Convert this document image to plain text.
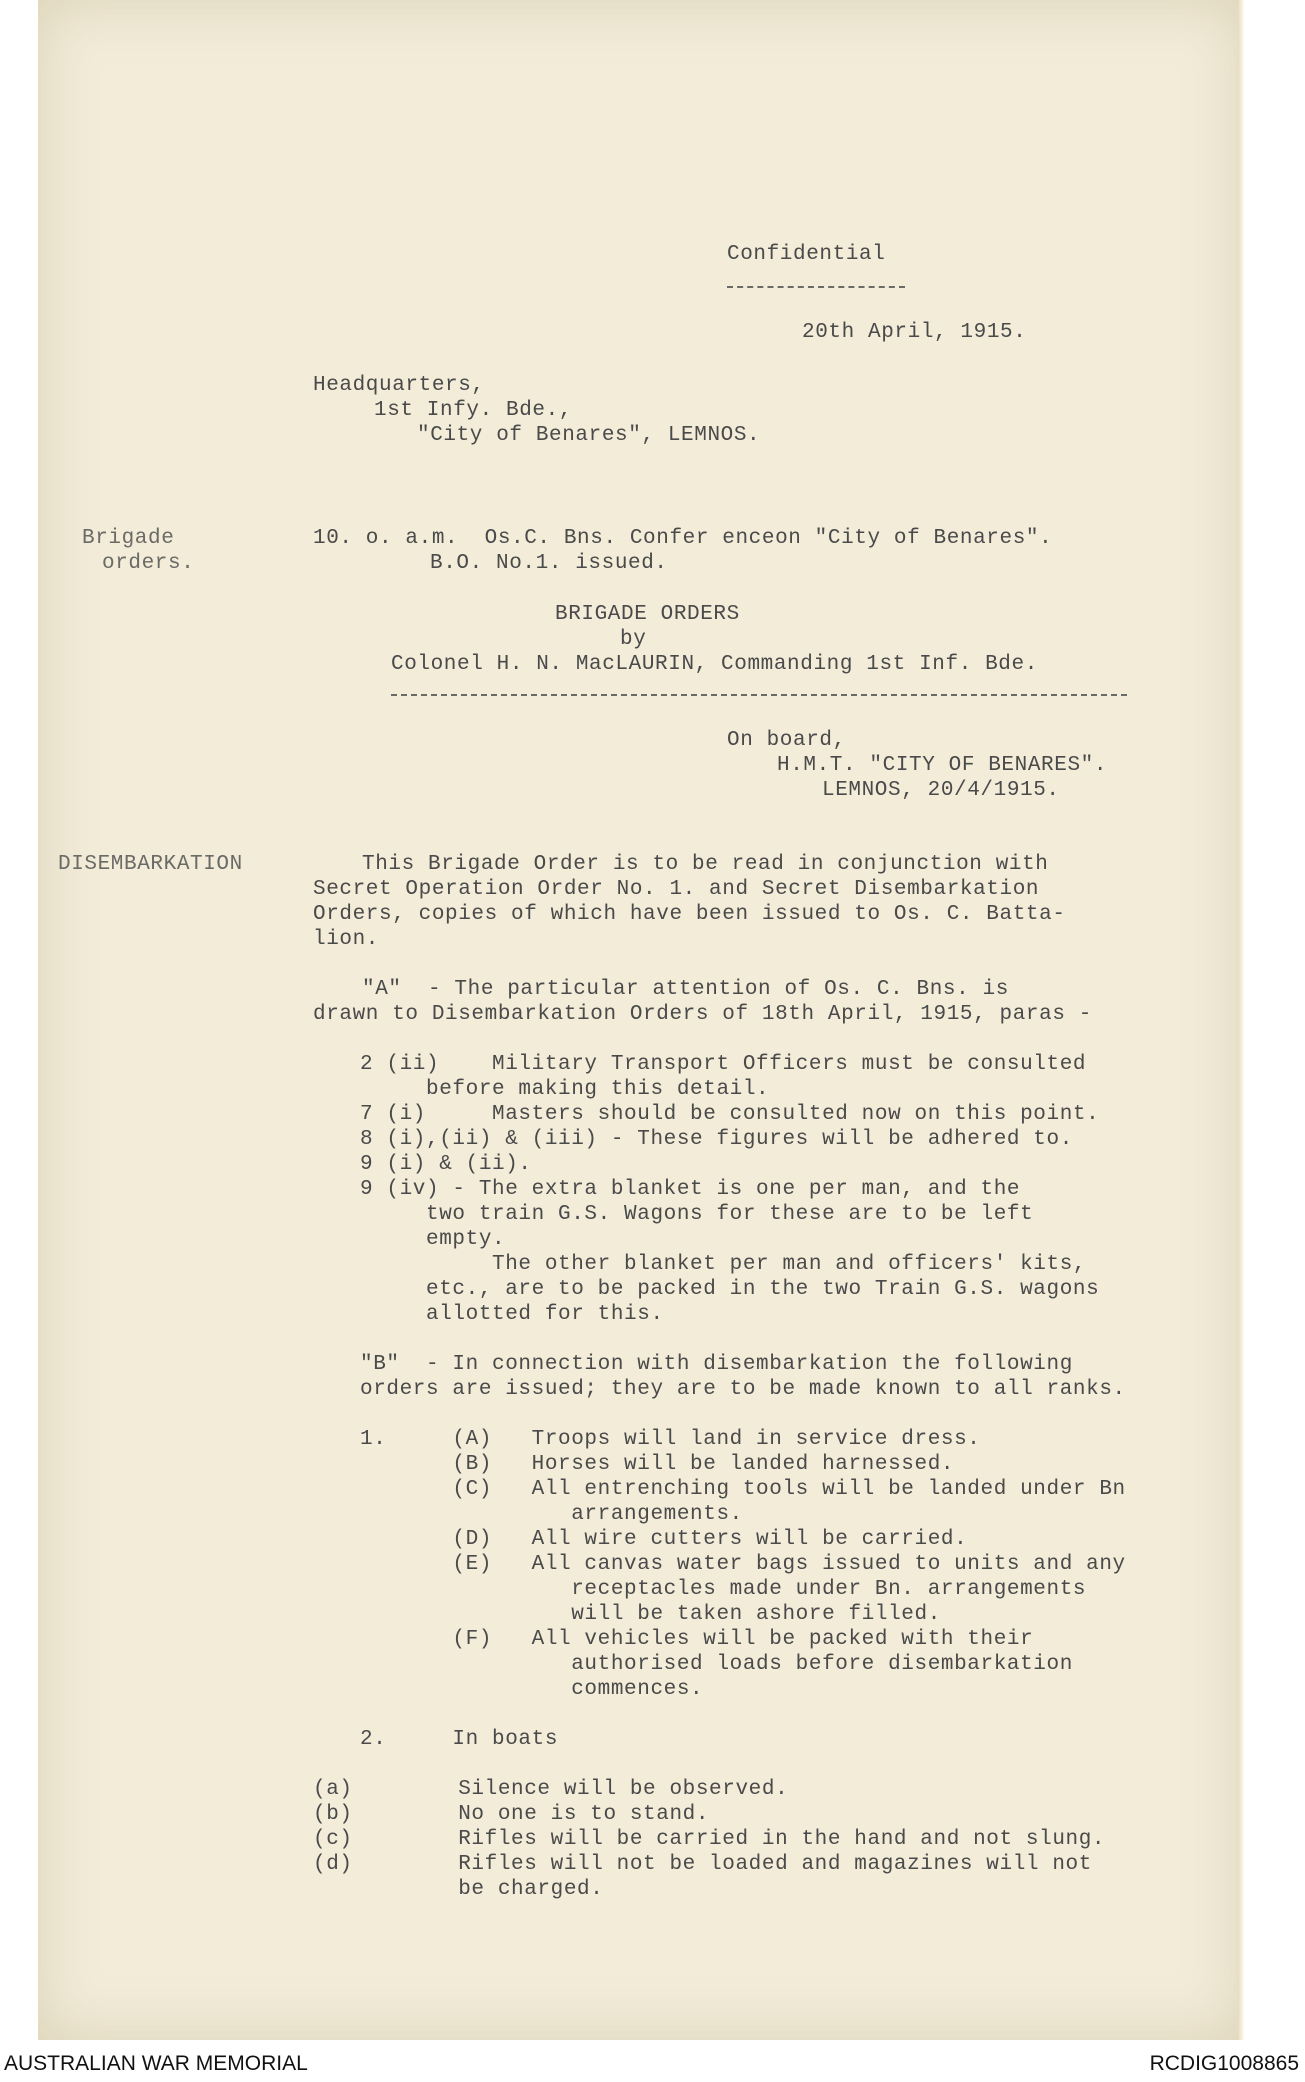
Confidential
20th April, 1915.
Headquarters,
1st Infy. Bde.,
"City of Benares", LEMNOS.
Brigade
orders.
10. o. a.m.  Os.C. Bns. Confer enceon "City of Benares".
B.O. No.1. issued.
BRIGADE ORDERS
by
Colonel H. N. MacLAURIN, Commanding 1st Inf. Bde.
On board,
H.M.T. "CITY OF BENARES".
LEMNOS, 20/4/1915.
DISEMBARKATION	This Brigade Order is to be read in conjunction with
Secret Operation Order No. 1. and Secret Disembarkation
Orders, copies of which have been issued to Os. C. Batta-
lion.
"A"  - The particular attention of Os. C. Bns. is
drawn to Disembarkation Orders of 18th April, 1915, paras -
2 (ii)    Military Transport Officers must be consulted
before making this detail.
7 (i)     Masters should be consulted now on this point.
8 (i),(ii) & (iii) - These figures will be adhered to.
9 (i) & (ii).
9 (iv) - The extra blanket is one per man, and the
two train G.S. Wagons for these are to be left
empty.
The other blanket per man and officers' kits,
etc., are to be packed in the two Train G.S. wagons
allotted for this.
"B"  - In connection with disembarkation the following
orders are issued; they are to be made known to all ranks.
1.     (A)   Troops will land in service dress.
(B)   Horses will be landed harnessed.
(C)   All entrenching tools will be landed under Bn
arrangements.
(D)   All wire cutters will be carried.
(E)   All canvas water bags issued to units and any
receptacles made under Bn. arrangements
will be taken ashore filled.
(F)   All vehicles will be packed with their
authorised loads before disembarkation
commences.
2.     In boats
(a)        Silence will be observed.
(b)        No one is to stand.
(c)        Rifles will be carried in the hand and not slung.
(d)        Rifles will not be loaded and magazines will not
be charged.
AUSTRALIAN WAR MEMORIAL	RCDIG1008865
